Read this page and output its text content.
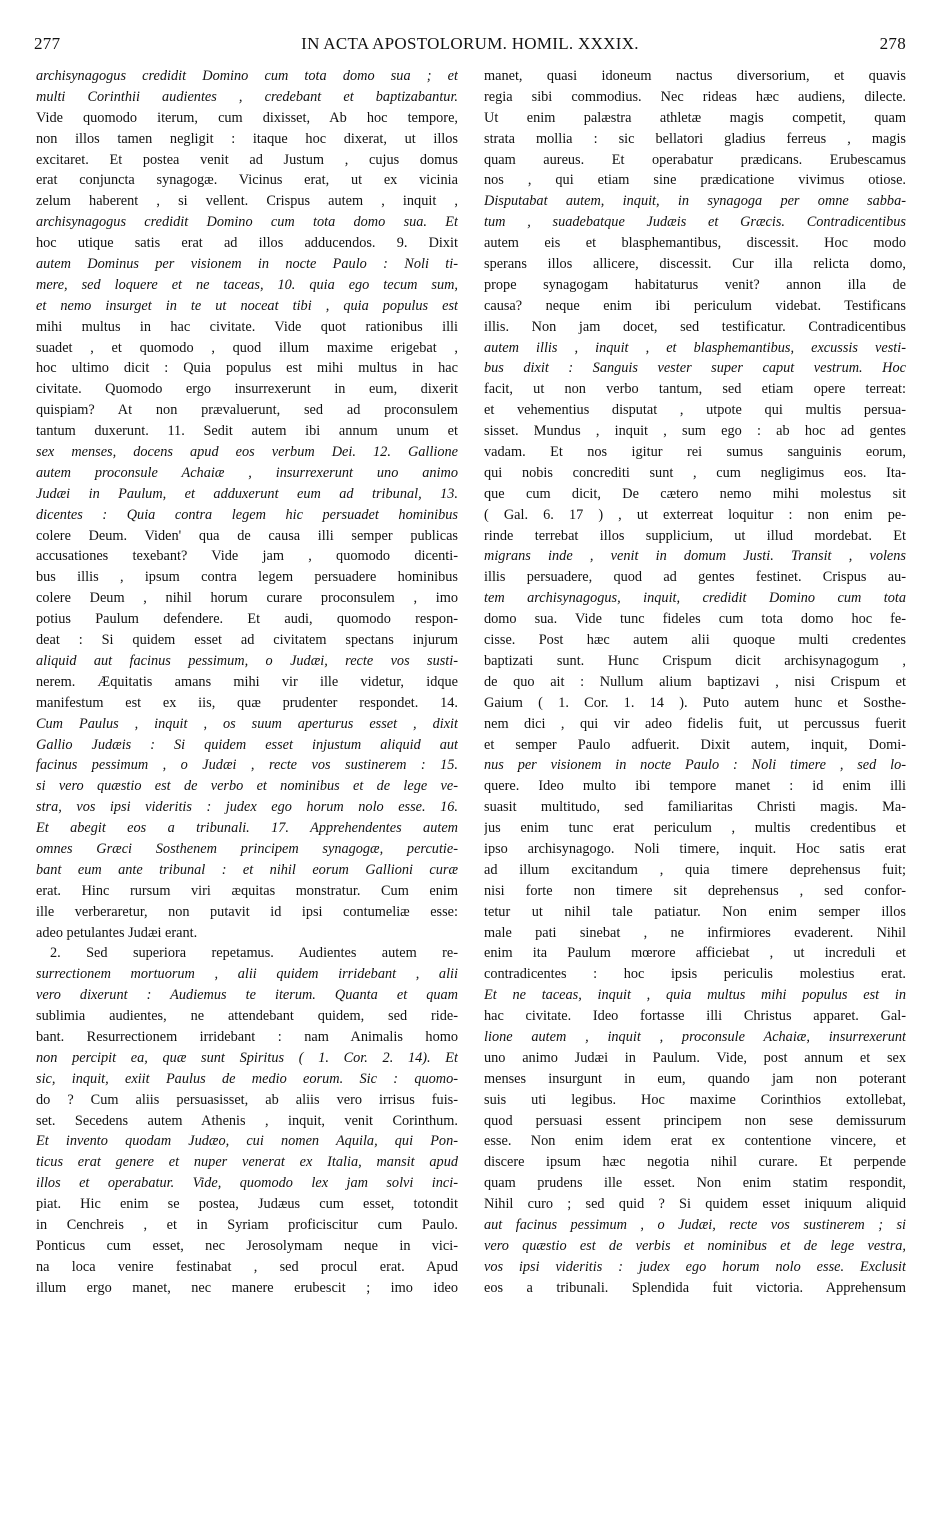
277	IN ACTA APOSTOLORUM. HOMIL. XXXIX.	278
archisynagogus credidit Domino cum tota domo sua ; et
multi Corinthii audientes , credebant et baptizabantur.
Vide quomodo iterum, cum dixisset, Ab hoc tempore,
non illos tamen negligit : itaque hoc dixerat, ut illos
excitaret. Et postea venit ad Justum , cujus domus
erat conjuncta synagogæ. Vicinus erat, ut ex vicinia
zelum haberent , si vellent. Crispus autem , inquit ,
archisynagogus credidit Domino cum tota domo sua. Et
hoc utique satis erat ad illos adducendos. 9. Dixit
autem Dominus per visionem in nocte Paulo : Noli ti-
mere, sed loquere et ne taceas, 10. quia ego tecum sum,
et nemo insurget in te ut noceat tibi , quia populus est
mihi multus in hac civitate. Vide quot rationibus illi
suadet , et quomodo , quod illum maxime erigebat ,
hoc ultimo dicit : Quia populus est mihi multus in hac
civitate. Quomodo ergo insurrexerunt in eum, dixerit
quispiam? At non prævaluerunt, sed ad proconsulem
tantum duxerunt. 11. Sedit autem ibi annum unum et
sex menses, docens apud eos verbum Dei. 12. Gallione
autem proconsule Achaiæ , insurrexerunt uno animo
Judæi in Paulum, et adduxerunt eum ad tribunal, 13.
dicentes : Quia contra legem hic persuadet hominibus
colere Deum. Viden' qua de causa illi semper publicas
accusationes texebant? Vide jam , quomodo dicenti-
bus illis , ipsum contra legem persuadere hominibus
colere Deum , nihil horum curare proconsulem , imo
potius Paulum defendere. Et audi, quomodo respon-
deat : Si quidem esset ad civitatem spectans injurum
aliquid aut facinus pessimum, o Judæi, recte vos susti-
nerem. Æquitatis amans mihi vir ille videtur, idque
manifestum est ex iis, quæ prudenter respondet. 14.
Cum Paulus , inquit , os suum aperturus esset , dixit
Gallio Judæis : Si quidem esset injustum aliquid aut
facinus pessimum , o Judæi , recte vos sustinerem : 15.
si vero quæstio est de verbo et nominibus et de lege ve-
stra, vos ipsi videritis : judex ego horum nolo esse. 16.
Et abegit eos a tribunali. 17. Apprehendentes autem
omnes Græci Sosthenem principem synagogæ, percutie-
bant eum ante tribunal : et nihil eorum Gallioni curæ
erat. Hinc rursum viri æquitas monstratur. Cum enim
ille verberaretur, non putavit id ipsi contumeliæ esse:
adeo petulantes Judæi erant.
2. Sed superiora repetamus. Audientes autem re-
surrectionem mortuorum , alii quidem irridebant , alii
vero dixerunt : Audiemus te iterum. Quanta et quam
sublimia audientes, ne attendebant quidem, sed ride-
bant. Resurrectionem irridebant : nam Animalis homo
non percipit ea, quæ sunt Spiritus ( 1. Cor. 2. 14). Et
sic, inquit, exiit Paulus de medio eorum. Sic : quomo-
do ? Cum aliis persuasisset, ab aliis vero irrisus fuis-
set. Secedens autem Athenis , inquit, venit Corinthum.
Et invento quodam Judæo, cui nomen Aquila, qui Pon-
ticus erat genere et nuper venerat ex Italia, mansit apud
illos et operabatur. Vide, quomodo lex jam solvi inci-
piat. Hic enim se postea, Judæus cum esset, totondit
in Cenchreis , et in Syriam proficiscitur cum Paulo.
Ponticus cum esset, nec Jerosolymam neque in vici-
na loca venire festinabat , sed procul erat. Apud
illum ergo manet, nec manere erubescit ; imo ideo
manet, quasi idoneum nactus diversorium, et quavis
regia sibi commodius. Nec rideas hæc audiens, dilecte.
Ut enim palæstra athletæ magis competit, quam
strata mollia : sic bellatori gladius ferreus , magis
quam aureus. Et operabatur prædicans. Erubescamus
nos , qui etiam sine prædicatione vivimus otiose.
Disputabat autem, inquit, in synagoga per omne sabba-
tum , suadebatque Judæis et Græcis. Contradicentibus
autem eis et blasphemantibus, discessit. Hoc modo
sperans illos allicere, discessit. Cur illa relicta domo,
prope synagogam habitaturus venit? annon illa de
causa? neque enim ibi periculum videbat. Testificans
illis. Non jam docet, sed testificatur. Contradicentibus
autem illis , inquit , et blasphemantibus, excussis vesti-
bus dixit : Sanguis vester super caput vestrum. Hoc
facit, ut non verbo tantum, sed etiam opere terreat:
et vehementius disputat , utpote qui multis persua-
sisset. Mundus , inquit , sum ego : ab hoc ad gentes
vadam. Et nos igitur rei sumus sanguinis eorum,
qui nobis concrediti sunt , cum negligimus eos. Ita-
que cum dicit, De cætero nemo mihi molestus sit
( Gal. 6. 17 ) , ut exterreat loquitur : non enim pe-
rinde terrebat illos supplicium, ut illud mordebat. Et
migrans inde , venit in domum Justi. Transit , volens
illis persuadere, quod ad gentes festinet. Crispus au-
tem archisynagogus, inquit, credidit Domino cum tota
domo sua. Vide tunc fideles cum tota domo hoc fe-
cisse. Post hæc autem alii quoque multi credentes
baptizati sunt. Hunc Crispum dicit archisynagogum ,
de quo ait : Nullum alium baptizavi , nisi Crispum et
Gaium ( 1. Cor. 1. 14 ). Puto autem hunc et Sosthe-
nem dici , qui vir adeo fidelis fuit, ut percussus fuerit
et semper Paulo adfuerit. Dixit autem, inquit, Domi-
nus per visionem in nocte Paulo : Noli timere , sed lo-
quere. Ideo multo ibi tempore manet : id enim illi
suasit multitudo, sed familiaritas Christi magis. Ma-
jus enim tunc erat periculum , multis credentibus et
ipso archisynagogo. Noli timere, inquit. Hoc satis erat
ad illum excitandum , quia timere deprehensus fuit;
nisi forte non timere sit deprehensus , sed confor-
tetur ut nihil tale patiatur. Non enim semper illos
male pati sinebat , ne infirmiores evaderent. Nihil
enim ita Paulum mœrore afficiebat , ut increduli et
contradicentes : hoc ipsis periculis molestius erat.
Et ne taceas, inquit , quia multus mihi populus est in
hac civitate. Ideo fortasse illi Christus apparet. Gal-
lione autem , inquit , proconsule Achaiæ, insurrexerunt
uno animo Judæi in Paulum. Vide, post annum et sex
menses insurgunt in eum, quando jam non poterant
suis uti legibus. Hoc maxime Corinthios extollebat,
quod persuasi essent principem non sese demissurum
esse. Non enim idem erat ex contentione vincere, et
discere ipsum hæc negotia nihil curare. Et perpende
quam prudens ille esset. Non enim statim respondit,
Nihil curo ; sed quid ? Si quidem esset iniquum aliquid
aut facinus pessimum , o Judæi, recte vos sustinerem ; si
vero quæstio est de verbis et nominibus et de lege vestra,
vos ipsi videritis : judex ego horum nolo esse. Exclusit
eos a tribunali. Splendida fuit victoria. Apprehensum
